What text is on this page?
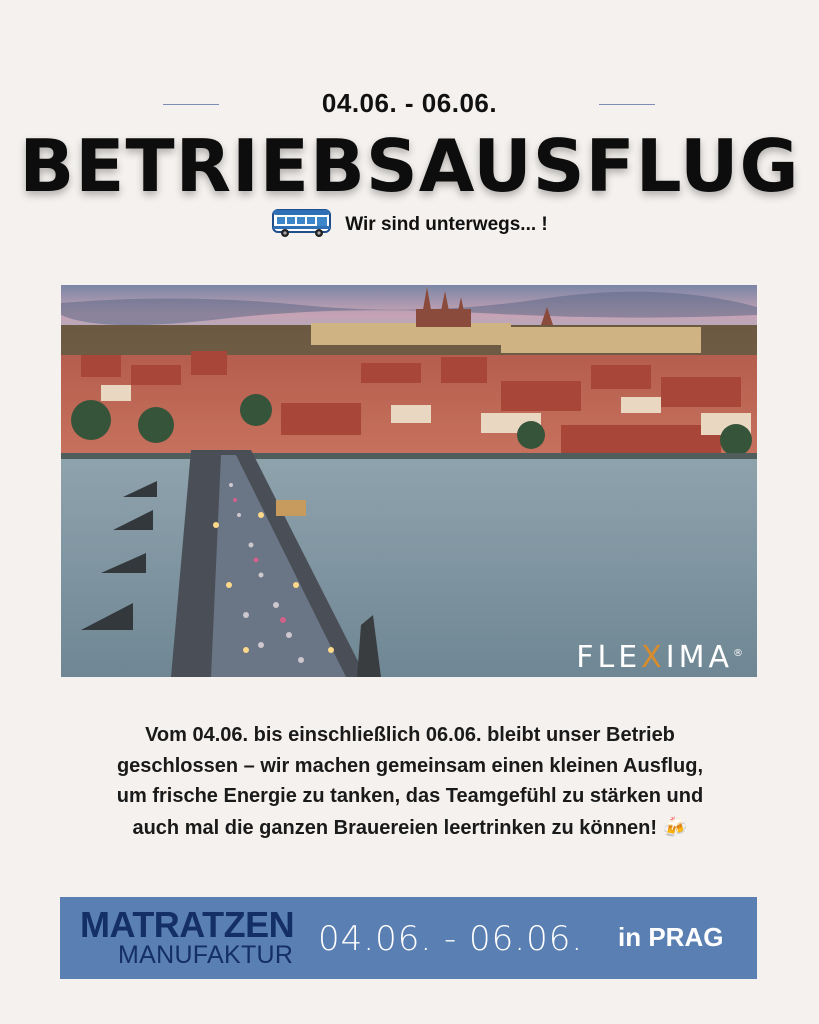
04.06. - 06.06.
BETRIEBSAUSFLUG
Wir sind unterwegs... !
FLEXIMA®
Vom 04.06. bis einschließlich 06.06. bleibt unser Betrieb
geschlossen – wir machen gemeinsam einen kleinen Ausflug,
um frische Energie zu tanken, das Teamgefühl zu stärken und
auch mal die ganzen Brauereien leertrinken zu können! 🍻
MATRATZEN
MANUFAKTUR 04.06. - 06.06. in PRAG
